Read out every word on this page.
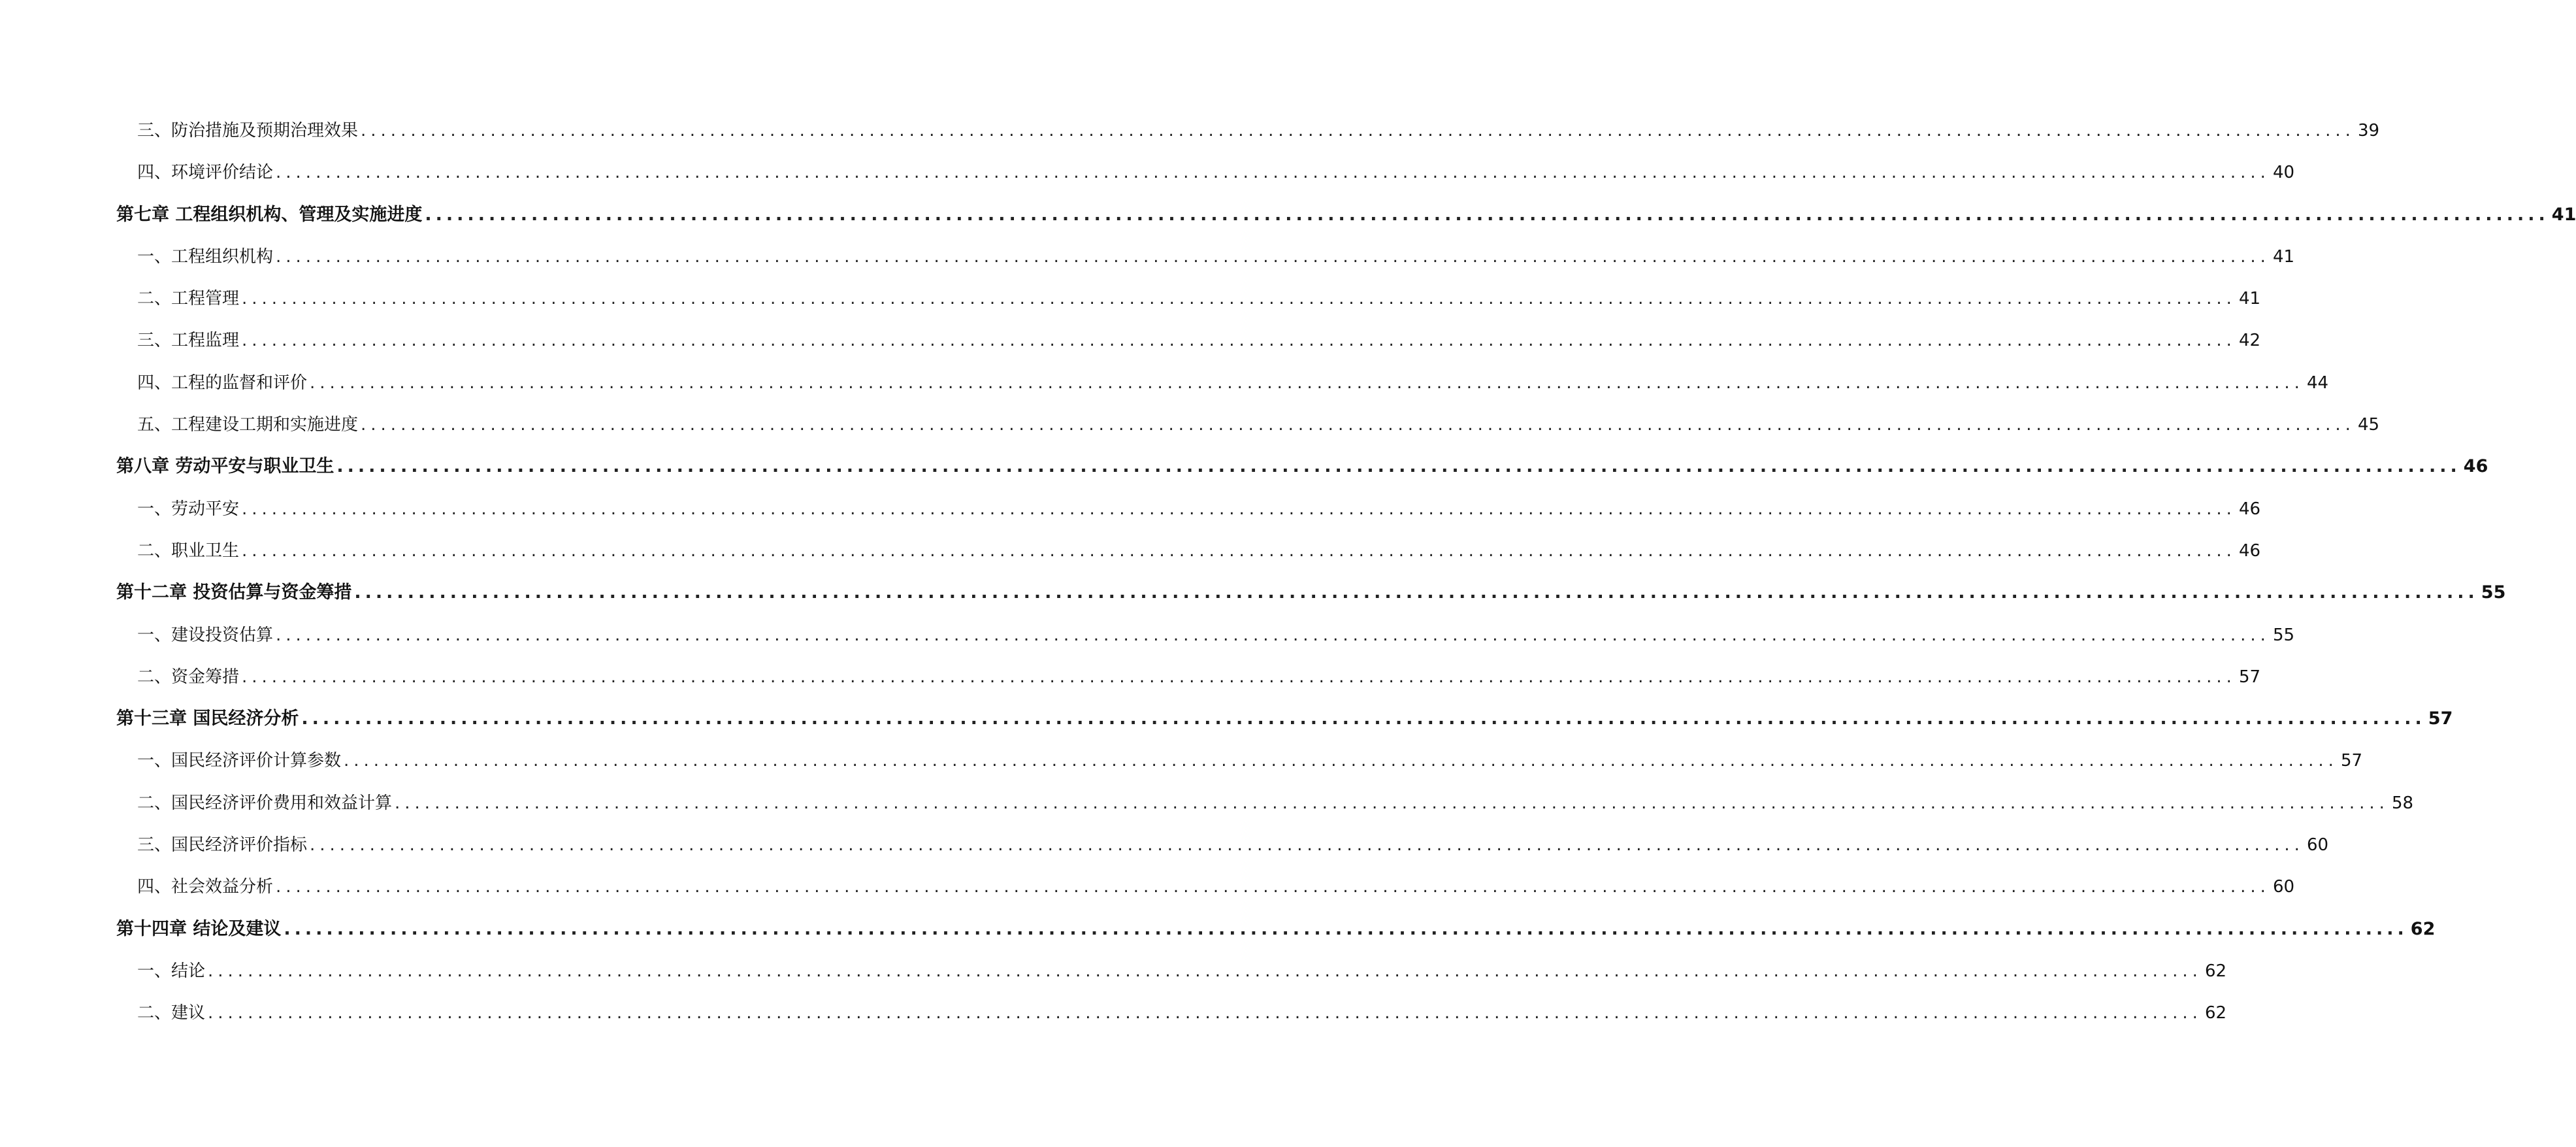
三、防治措施及预期治理效果 ........................................................................................................................................................................................................ 39
四、环境评价结论 ........................................................................................................................................................................................................ 40
第七章 工程组织机构、管理及实施进度 ........................................................................................................................................................................................................ 41
一、工程组织机构 ........................................................................................................................................................................................................ 41
二、工程管理 ........................................................................................................................................................................................................ 41
三、工程监理 ........................................................................................................................................................................................................ 42
四、工程的监督和评价 ........................................................................................................................................................................................................ 44
五、工程建设工期和实施进度 ........................................................................................................................................................................................................ 45
第八章 劳动平安与职业卫生 ........................................................................................................................................................................................................ 46
一、劳动平安 ........................................................................................................................................................................................................ 46
二、职业卫生 ........................................................................................................................................................................................................ 46
第十二章 投资估算与资金筹措 ........................................................................................................................................................................................................ 55
一、建设投资估算 ........................................................................................................................................................................................................ 55
二、资金筹措 ........................................................................................................................................................................................................ 57
第十三章 国民经济分析 ........................................................................................................................................................................................................ 57
一、国民经济评价计算参数 ........................................................................................................................................................................................................ 57
二、国民经济评价费用和效益计算 ........................................................................................................................................................................................................ 58
三、国民经济评价指标 ........................................................................................................................................................................................................ 60
四、社会效益分析 ........................................................................................................................................................................................................ 60
第十四章 结论及建议 ........................................................................................................................................................................................................ 62
一、结论 ........................................................................................................................................................................................................ 62
二、建议 ........................................................................................................................................................................................................ 62
